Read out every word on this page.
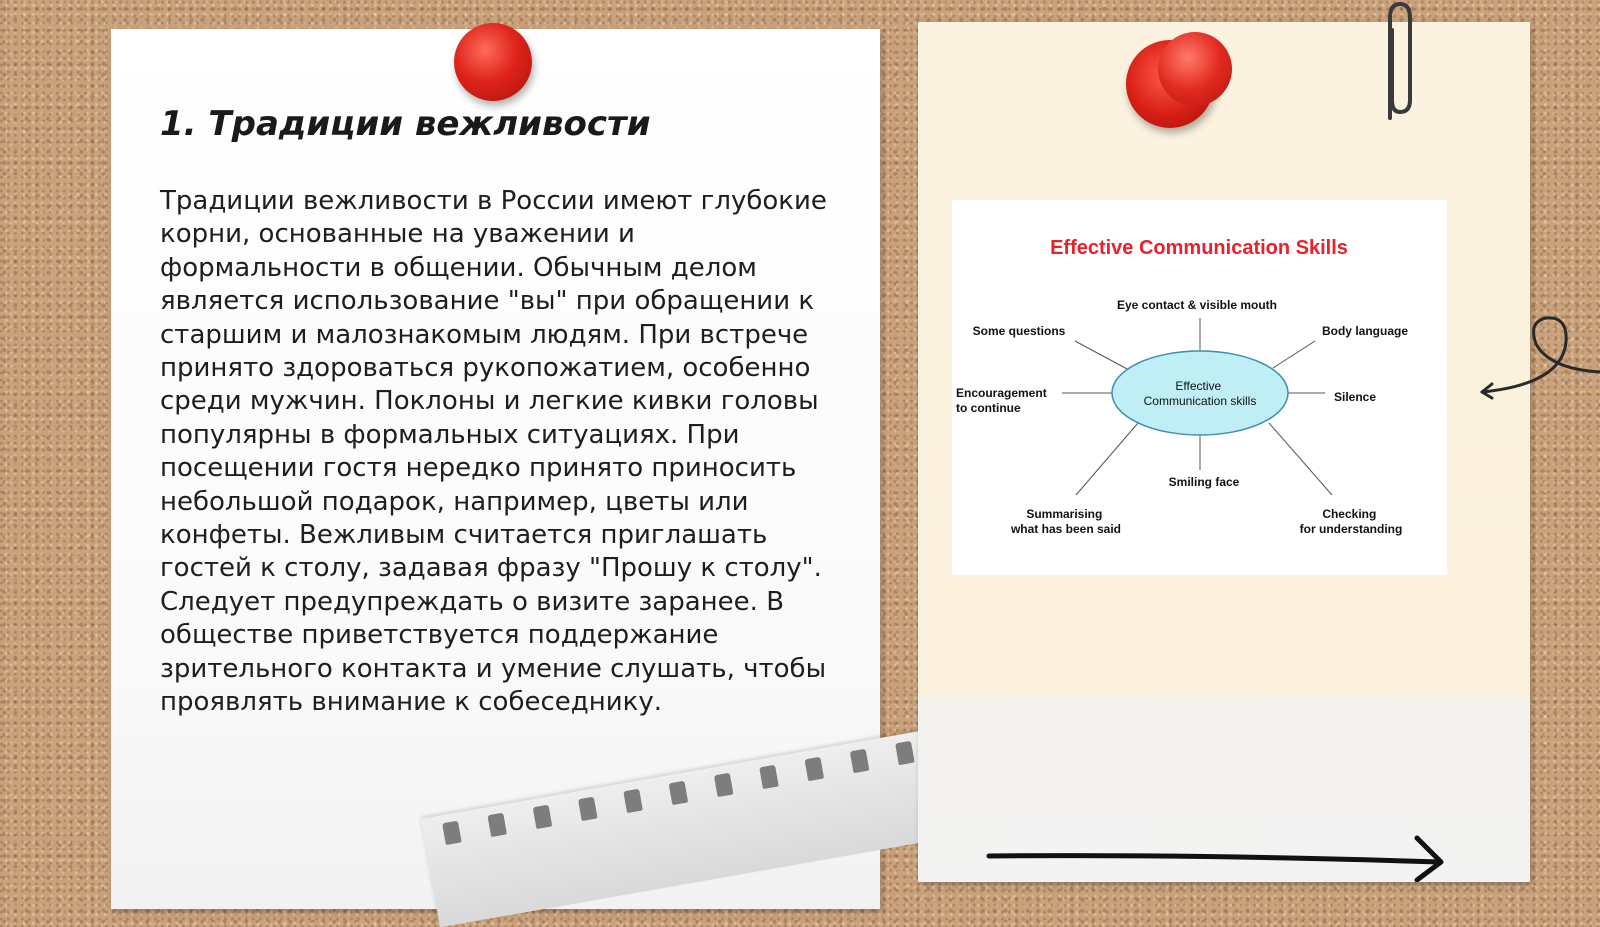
1. Традиции вежливости

Традиции вежливости в России имеют глубокие корни, основанные на уважении и формальности в общении. Обычным делом является использование "вы" при обращении к старшим и малознакомым людям. При встрече принято здороваться рукопожатием, особенно среди мужчин. Поклоны и легкие кивки головы популярны в формальных ситуациях. При посещении гостя нередко принято приносить небольшой подарок, например, цветы или конфеты. Вежливым считается приглашать гостей к столу, задавая фразу "Прошу к столу". Следует предупреждать о визите заранее. В обществе приветствуется поддержание зрительного контакта и умение слушать, чтобы проявлять внимание к собеседнику.

Effective Communication Skills
Effective Communication skills
Eye contact & visible mouth
Some questions	Body language
Encouragement to continue
Silence
Smiling face
Summarising what has been said
Checking for understanding
